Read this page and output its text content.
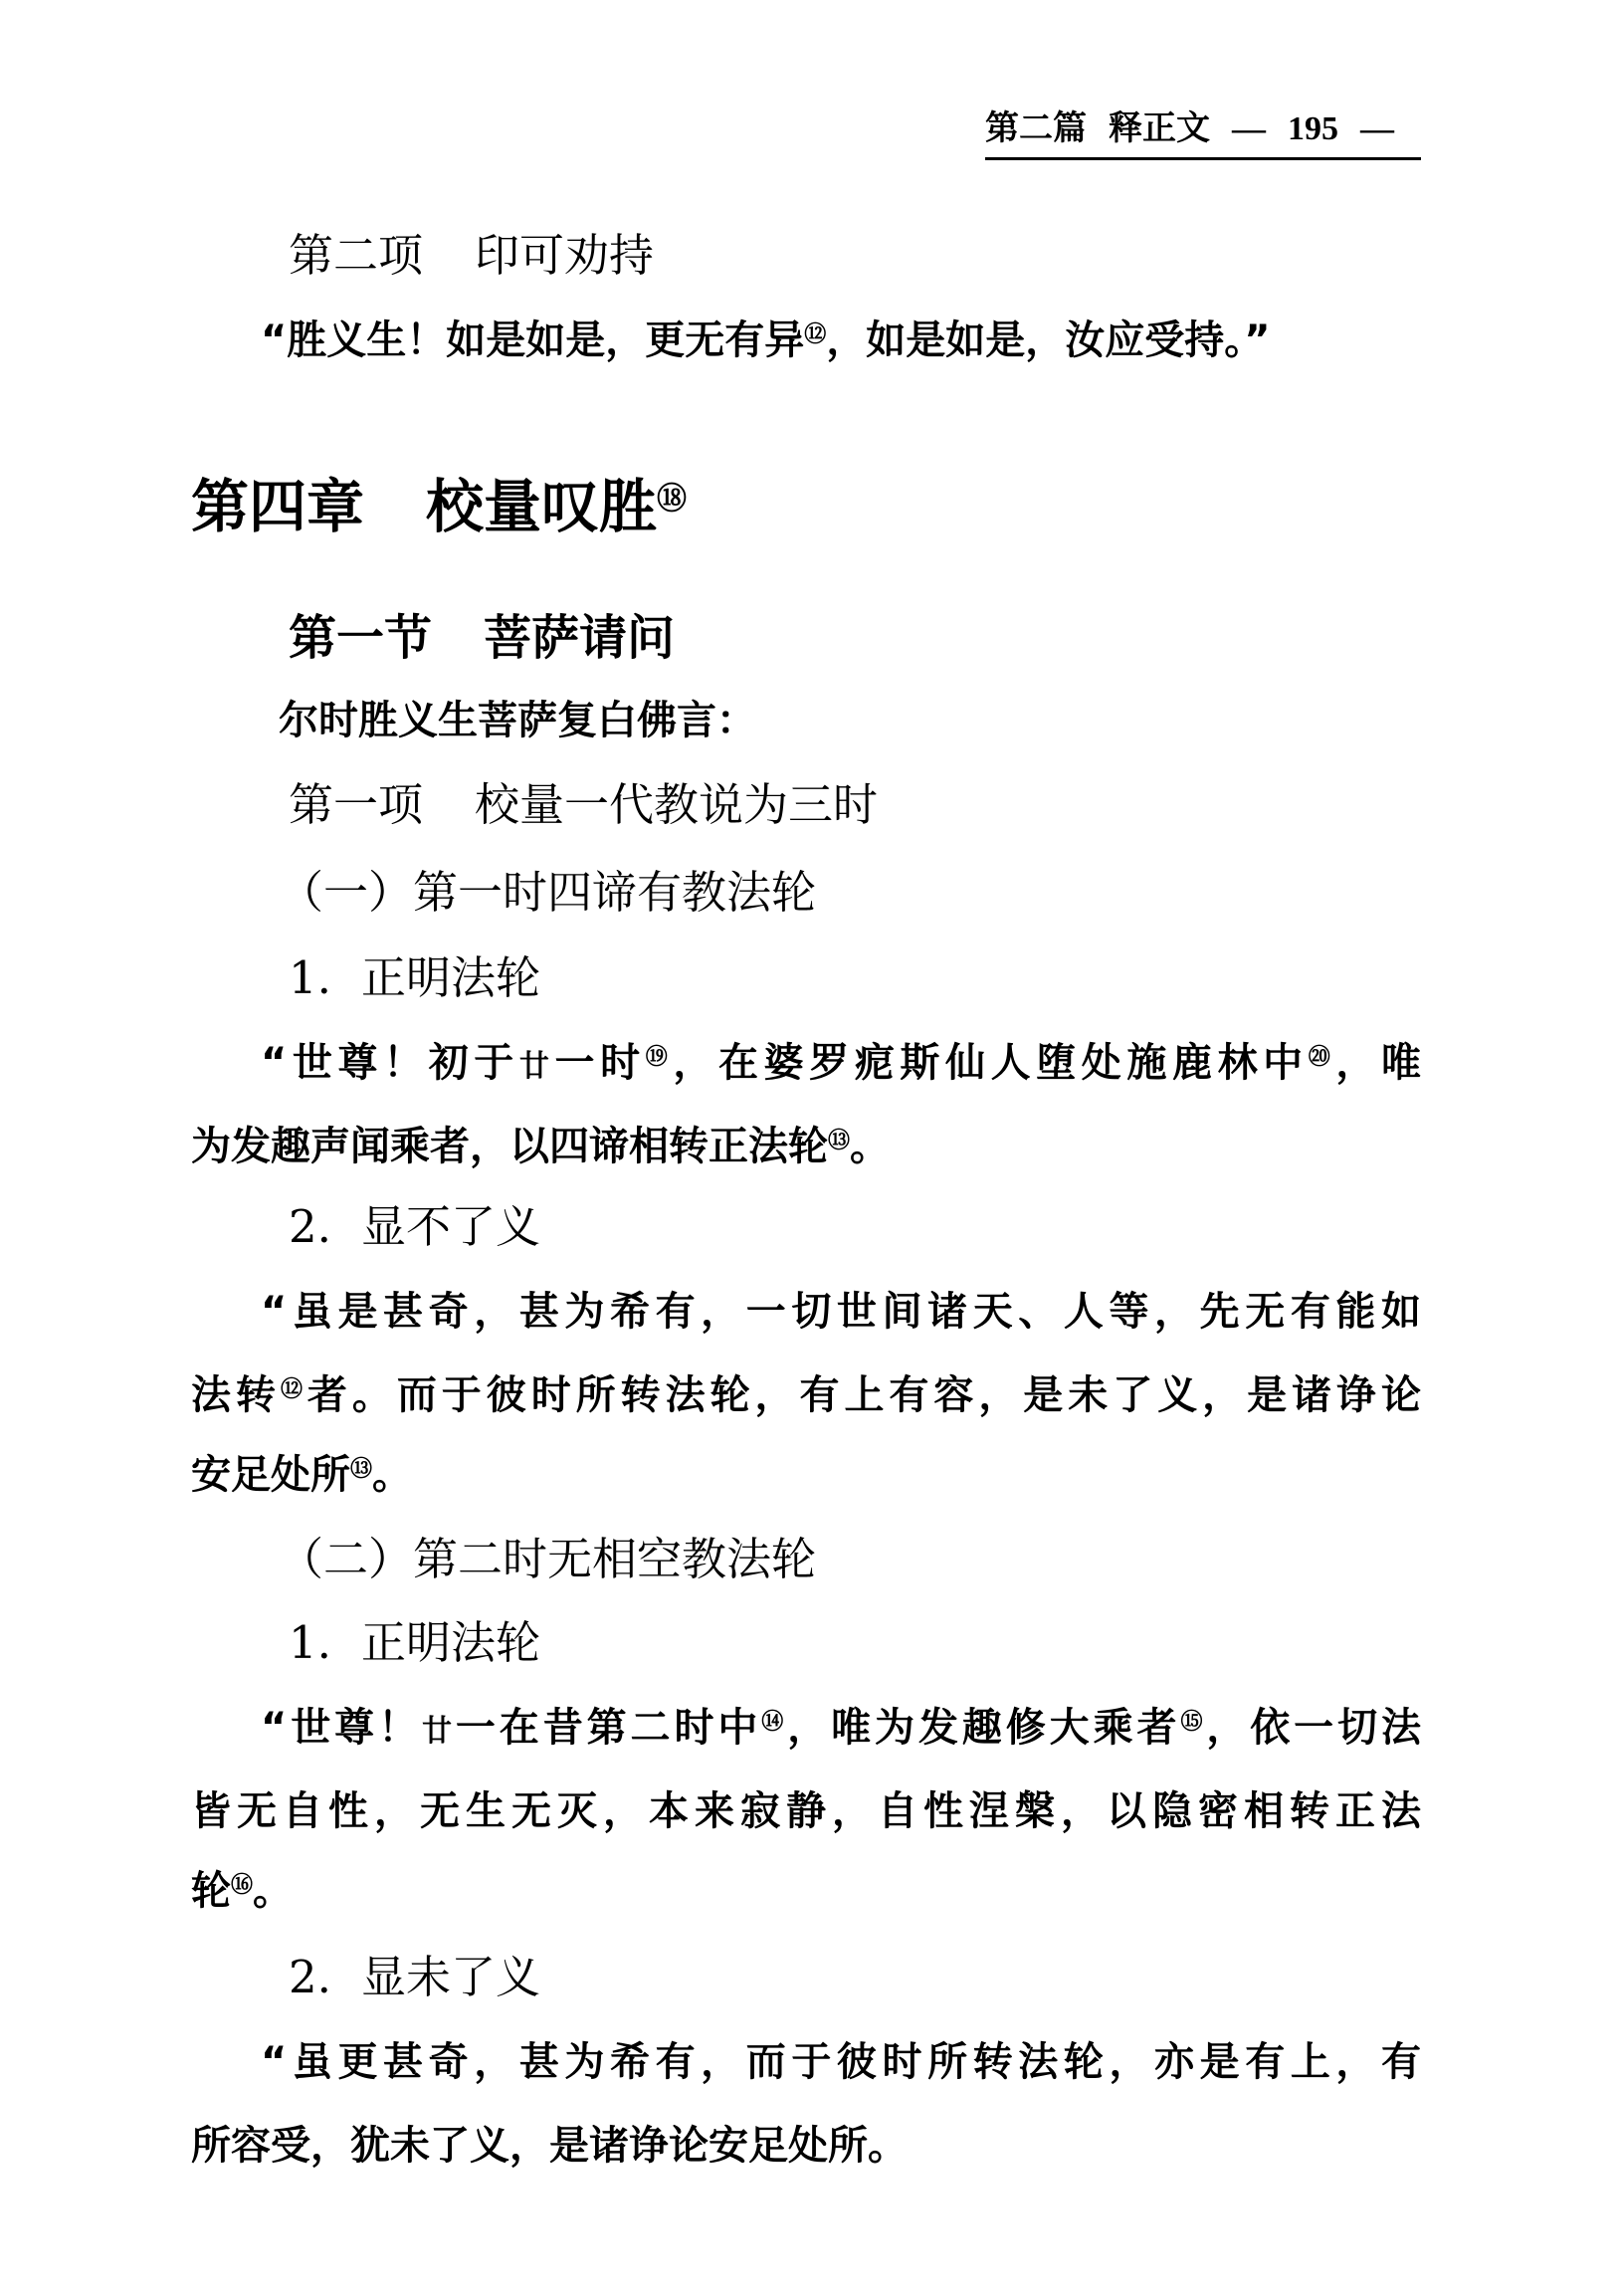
第二篇 释正文 — 195 —
第二项 印可劝持
“胜义生！如是如是，更无有异⑫，如是如是，汝应受持。”
第四章 校量叹胜⑱
第一节 菩萨请问
尔时胜义生菩萨复白佛言：
第一项 校量一代教说为三时
（一）第一时四谛有教法轮
1. 正明法轮
“世尊！初于廿一时⑲，在婆罗痆斯仙人堕处施鹿林中⑳，唯
为发趣声闻乘者，以四谛相转正法轮⑬。
2. 显不了义
“虽是甚奇，甚为希有，一切世间诸天、人等，先无有能如
法转⑫者。而于彼时所转法轮，有上有容，是未了义，是诸诤论
安足处所⑬。
（二）第二时无相空教法轮
1. 正明法轮
“世尊！廿一在昔第二时中⑭，唯为发趣修大乘者⑮，依一切法
皆无自性，无生无灭，本来寂静，自性涅槃，以隐密相转正法
轮⑯。
2. 显未了义
“虽更甚奇，甚为希有，而于彼时所转法轮，亦是有上，有
所容受，犹未了义，是诸诤论安足处所。
